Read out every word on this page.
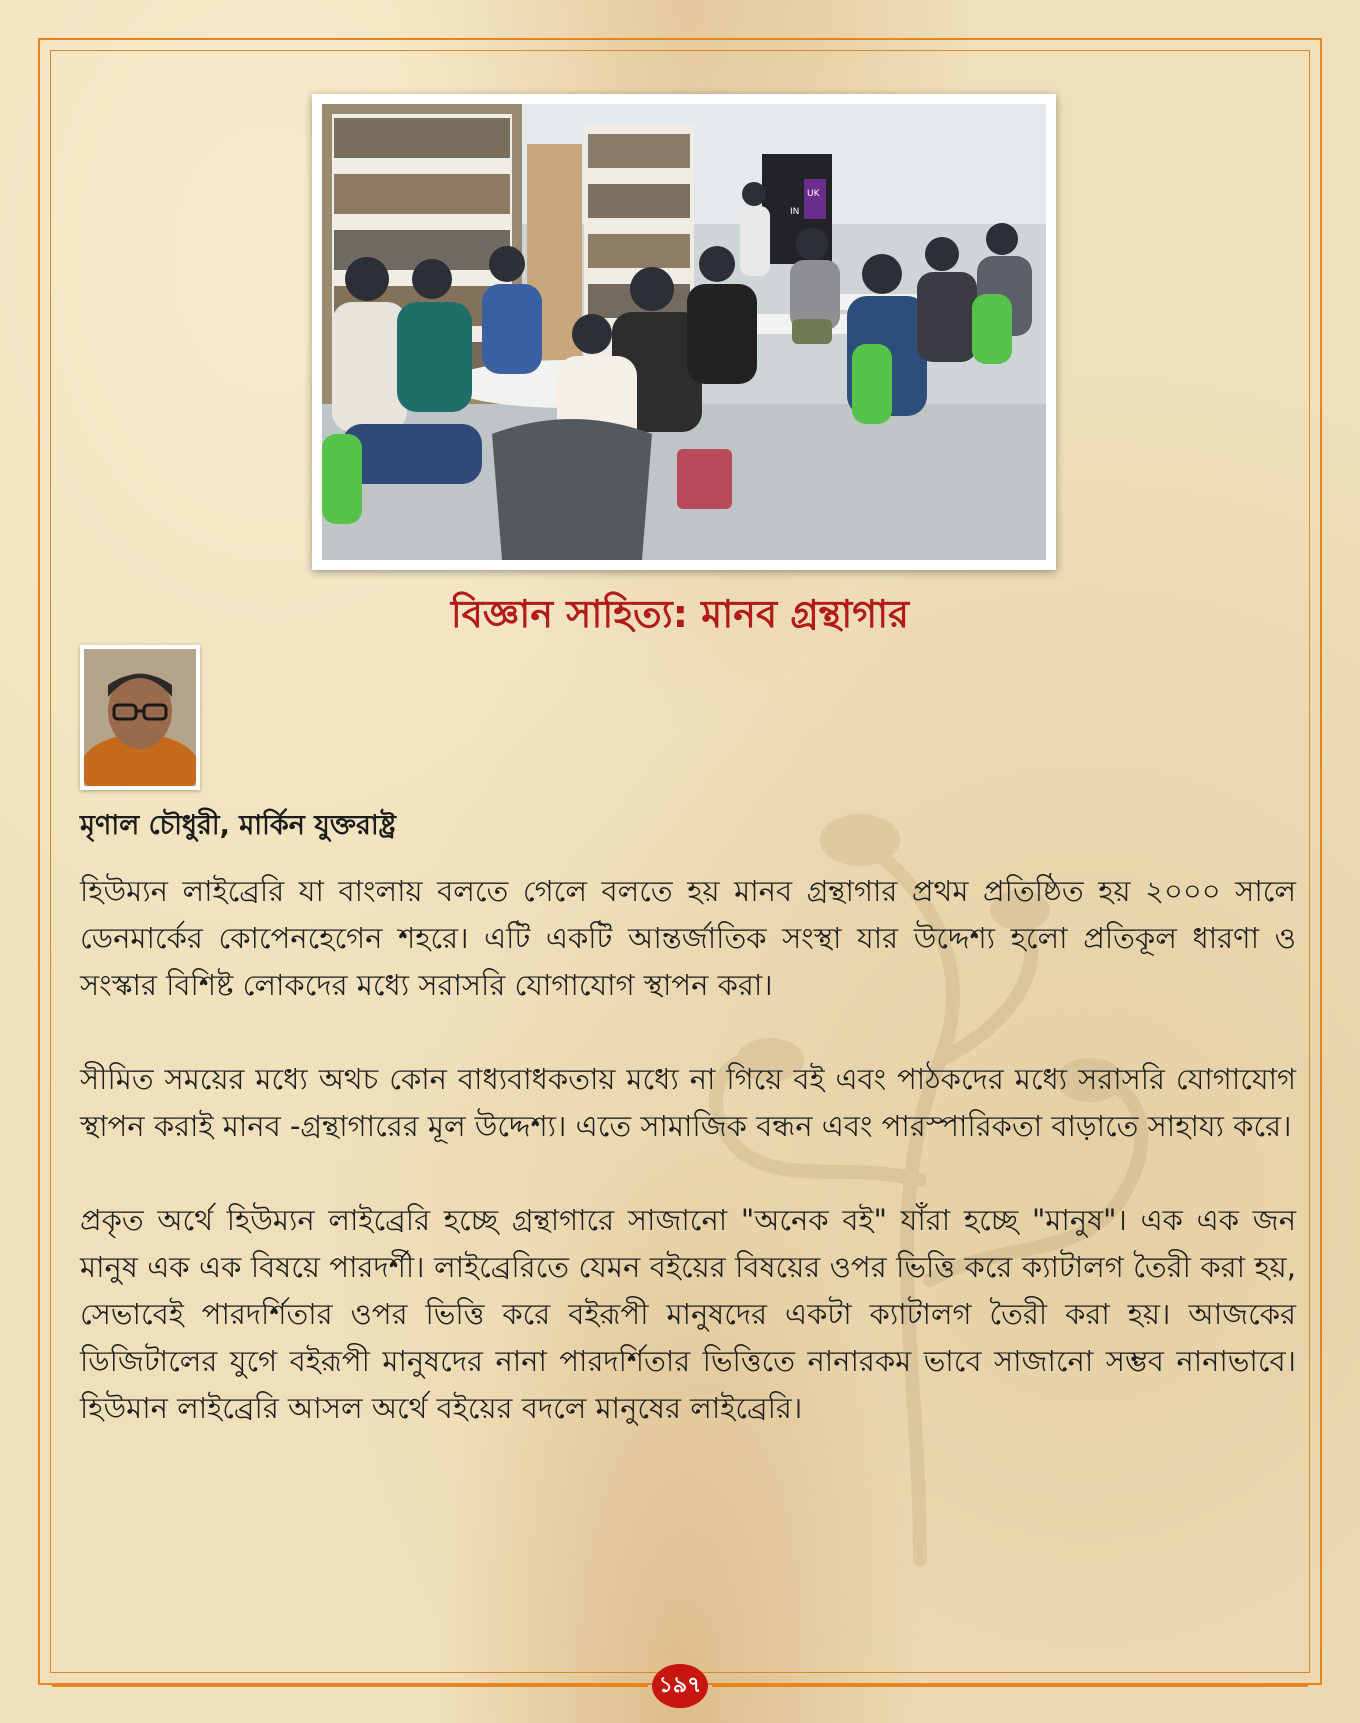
UK
IN
বিজ্ঞান সাহিত্য: মানব গ্রন্থাগার
মৃণাল চৌধুরী, মার্কিন যুক্তরাষ্ট্র

হিউম্যন লাইব্রেরি যা বাংলায় বলতে গেলে বলতে হয় মানব গ্রন্থাগার প্রথম প্রতিষ্ঠিত হয় ২০০০ সালে ডেনমার্কের কোপেনহেগেন শহরে। এটি একটি আন্তর্জাতিক সংস্থা যার উদ্দেশ্য হলো প্রতিকূল ধারণা ও সংস্কার বিশিষ্ট লোকদের মধ্যে সরাসরি যোগাযোগ স্থাপন করা।

সীমিত সময়ের মধ্যে অথচ কোন বাধ্যবাধকতায় মধ্যে না গিয়ে বই এবং পাঠকদের মধ্যে সরাসরি যোগাযোগ স্থাপন করাই মানব -গ্রন্থাগারের মূল উদ্দেশ্য। এতে সামাজিক বন্ধন এবং পারস্পারিকতা বাড়াতে সাহায্য করে।

প্রকৃত অর্থে হিউম্যন লাইব্রেরি হচ্ছে গ্রন্থাগারে সাজানো "অনেক বই" যাঁরা হচ্ছে "মানুষ"। এক এক জন মানুষ এক এক বিষয়ে পারদর্শী। লাইব্রেরিতে যেমন বইয়ের বিষয়ের ওপর ভিত্তি করে ক্যাটালগ তৈরী করা হয়, সেভাবেই পারদর্শিতার ওপর ভিত্তি করে বইরূপী মানুষদের একটা ক্যাটালগ তৈরী করা হয়। আজকের ডিজিটালের যুগে বইরূপী মানুষদের নানা পারদর্শিতার ভিত্তিতে নানারকম ভাবে সাজানো সম্ভব নানাভাবে। হিউমান লাইব্রেরি আসল অর্থে বইয়ের বদলে মানুষের লাইব্রেরি।

১৯৭
